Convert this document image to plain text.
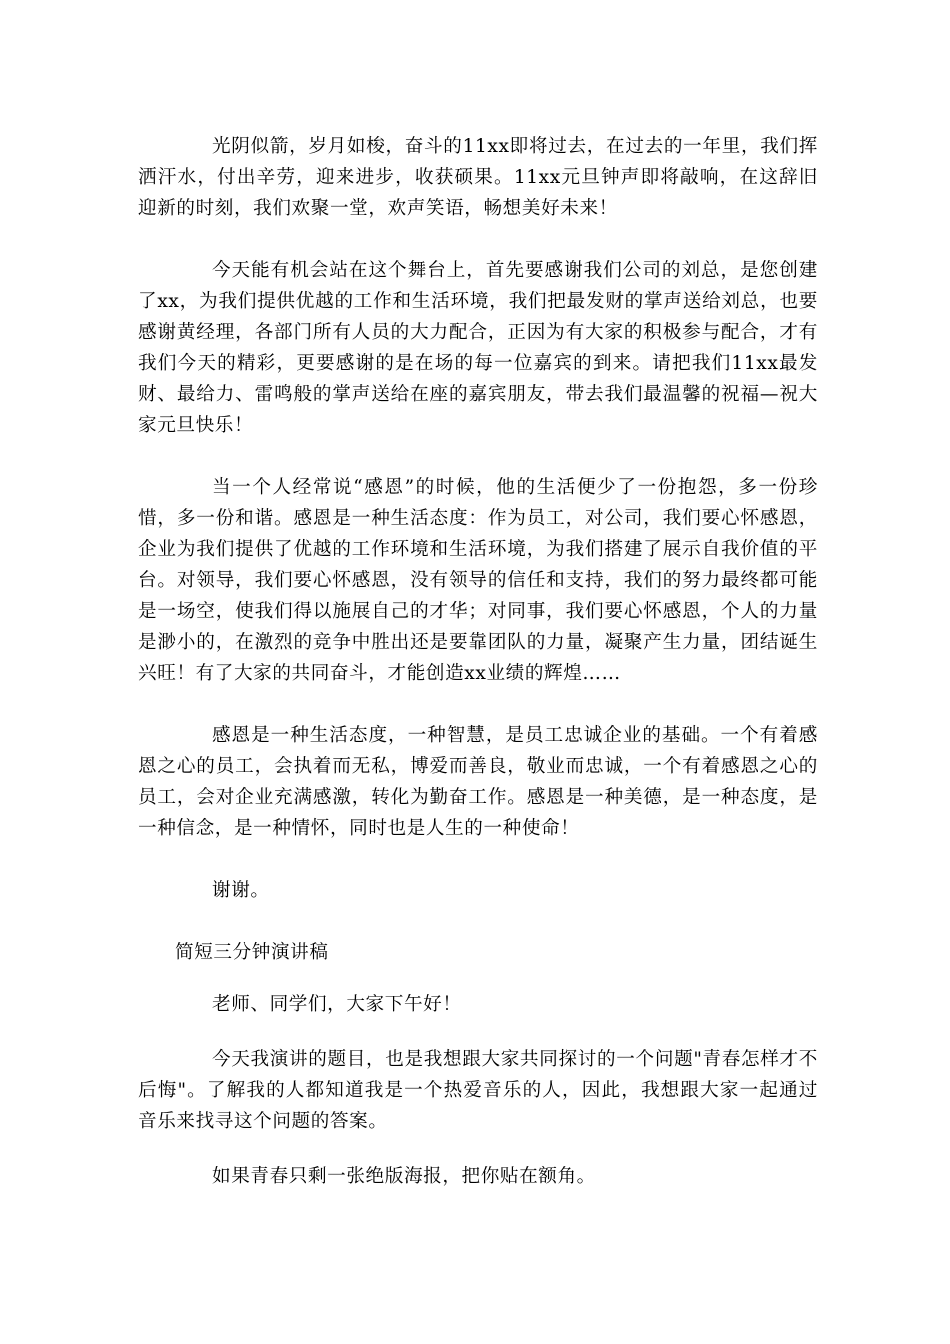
光阴似箭，岁月如梭，奋斗的11xx即将过去，在过去的一年里，我们挥洒汗水，付出辛劳，迎来进步，收获硕果。11xx元旦钟声即将敲响，在这辞旧迎新的时刻，我们欢聚一堂，欢声笑语，畅想美好未来！

今天能有机会站在这个舞台上，首先要感谢我们公司的刘总，是您创建了xx，为我们提供优越的工作和生活环境，我们把最发财的掌声送给刘总，也要感谢黄经理，各部门所有人员的大力配合，正因为有大家的积极参与配合，才有我们今天的精彩，更要感谢的是在场的每一位嘉宾的到来。请把我们11xx最发财、最给力、雷鸣般的掌声送给在座的嘉宾朋友，带去我们最温馨的祝福—祝大家元旦快乐！

当一个人经常说“感恩”的时候，他的生活便少了一份抱怨，多一份珍惜，多一份和谐。感恩是一种生活态度：作为员工，对公司，我们要心怀感恩，企业为我们提供了优越的工作环境和生活环境，为我们搭建了展示自我价值的平台。对领导，我们要心怀感恩，没有领导的信任和支持，我们的努力最终都可能是一场空，使我们得以施展自己的才华；对同事，我们要心怀感恩，个人的力量是渺小的，在激烈的竞争中胜出还是要靠团队的力量，凝聚产生力量，团结诞生兴旺！有了大家的共同奋斗，才能创造xx业绩的辉煌……

感恩是一种生活态度，一种智慧，是员工忠诚企业的基础。一个有着感恩之心的员工，会执着而无私，博爱而善良，敬业而忠诚，一个有着感恩之心的员工，会对企业充满感激，转化为勤奋工作。感恩是一种美德，是一种态度，是一种信念，是一种情怀，同时也是人生的一种使命！

谢谢。

简短三分钟演讲稿

老师、同学们，大家下午好！

今天我演讲的题目，也是我想跟大家共同探讨的一个问题"青春怎样才不后悔"。了解我的人都知道我是一个热爱音乐的人，因此，我想跟大家一起通过音乐来找寻这个问题的答案。

如果青春只剩一张绝版海报，把你贴在额角。
